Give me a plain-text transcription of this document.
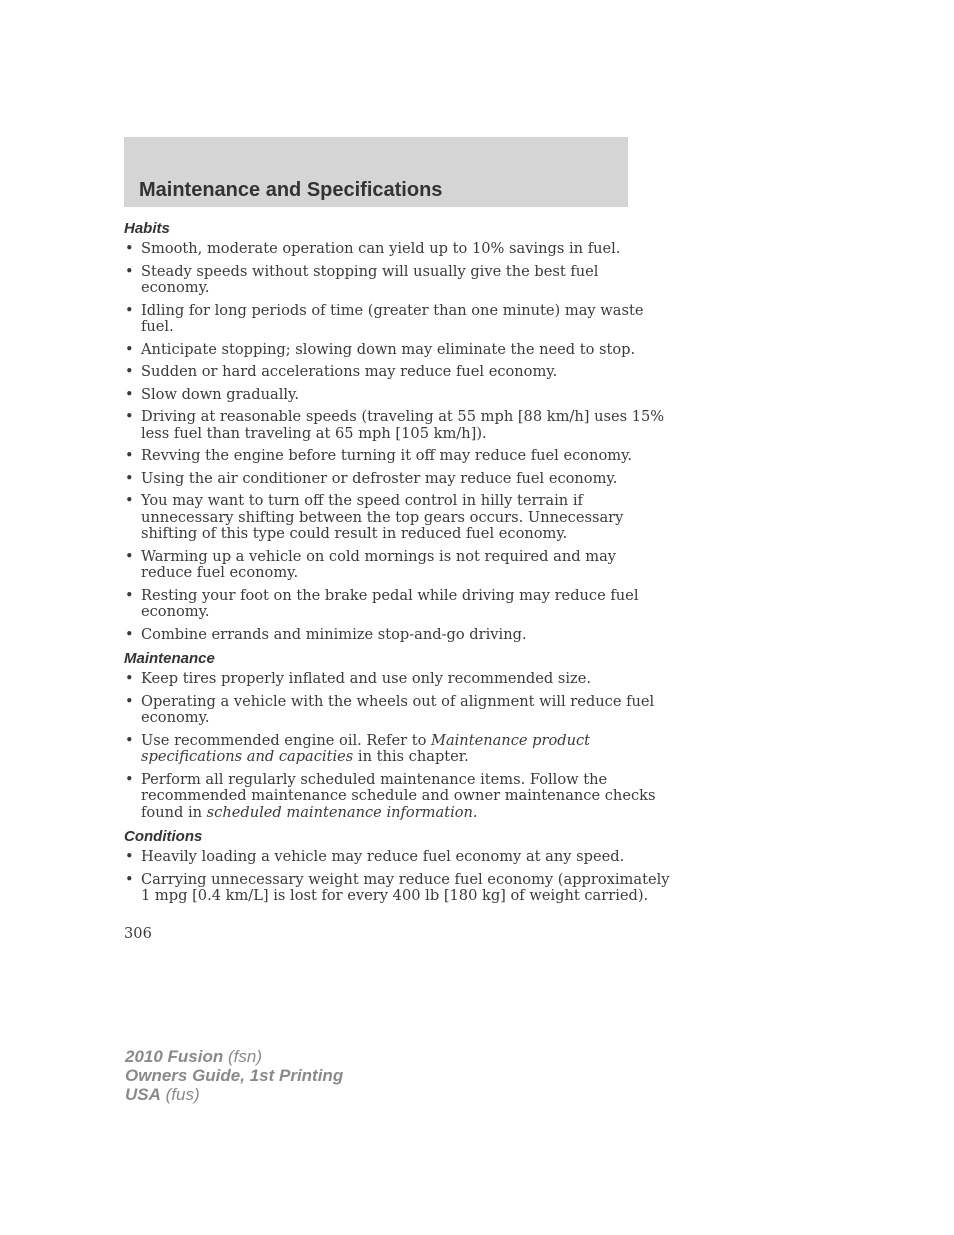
Maintenance and Specifications
Habits
• Smooth, moderate operation can yield up to 10% savings in fuel.
• Steady speeds without stopping will usually give the best fuel
economy.
• Idling for long periods of time (greater than one minute) may waste
fuel.
• Anticipate stopping; slowing down may eliminate the need to stop.
• Sudden or hard accelerations may reduce fuel economy.
• Slow down gradually.
• Driving at reasonable speeds (traveling at 55 mph [88 km/h] uses 15%
less fuel than traveling at 65 mph [105 km/h]).
• Revving the engine before turning it off may reduce fuel economy.
• Using the air conditioner or defroster may reduce fuel economy.
• You may want to turn off the speed control in hilly terrain if
unnecessary shifting between the top gears occurs. Unnecessary
shifting of this type could result in reduced fuel economy.
• Warming up a vehicle on cold mornings is not required and may
reduce fuel economy.
• Resting your foot on the brake pedal while driving may reduce fuel
economy.
• Combine errands and minimize stop-and-go driving.
Maintenance
• Keep tires properly inflated and use only recommended size.
• Operating a vehicle with the wheels out of alignment will reduce fuel
economy.
• Use recommended engine oil. Refer to Maintenance product
specifications and capacities in this chapter.
• Perform all regularly scheduled maintenance items. Follow the
recommended maintenance schedule and owner maintenance checks
found in scheduled maintenance information.
Conditions
• Heavily loading a vehicle may reduce fuel economy at any speed.
• Carrying unnecessary weight may reduce fuel economy (approximately
1 mpg [0.4 km/L] is lost for every 400 lb [180 kg] of weight carried).
306
2010 Fusion (fsn)
Owners Guide, 1st Printing
USA (fus)
